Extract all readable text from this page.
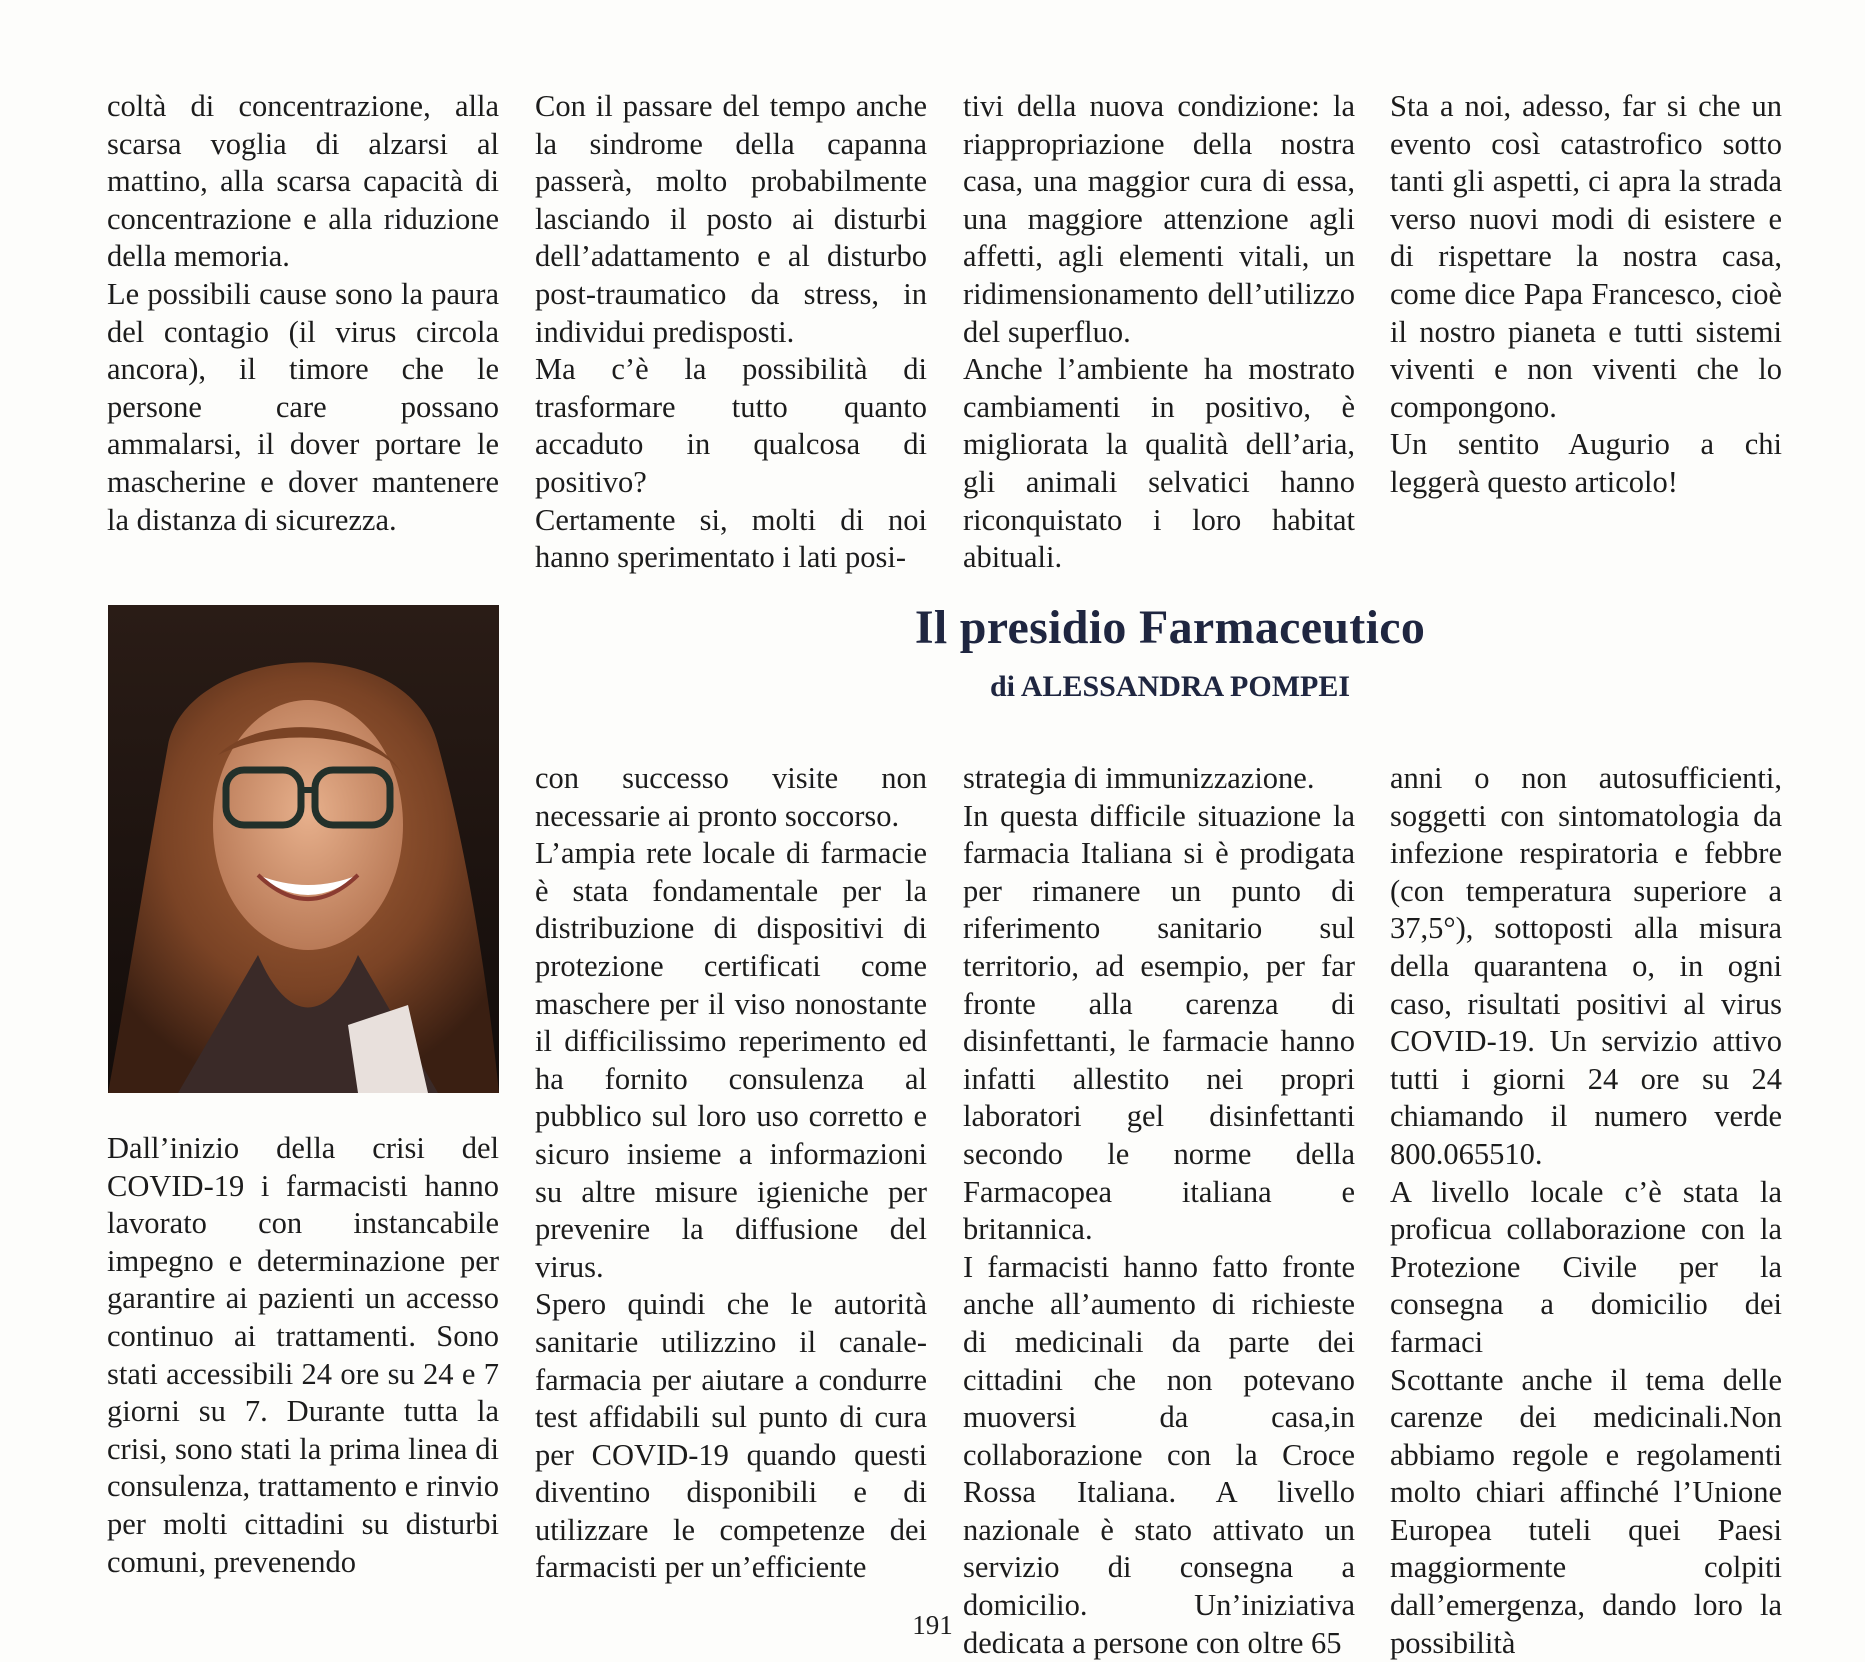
coltà di concentrazione, alla scarsa voglia di alzarsi al mattino, alla scarsa capacità di concentrazione e alla riduzione della memoria.

Le possibili cause sono la paura del contagio (il virus circola ancora), il timore che le persone care possano ammalarsi, il dover portare le mascherine e dover mantenere la distanza di sicurezza.

Con il passare del tempo anche la sindrome della capanna passerà, molto probabilmente lasciando il posto ai disturbi dell’adattamento e al disturbo post-traumatico da stress, in individui predisposti.

Ma c’è la possibilità di trasformare tutto quanto accaduto in qualcosa di positivo?

Certamente si, molti di noi hanno sperimentato i lati posi-

tivi della nuova condizione: la riappropriazione della nostra casa, una maggior cura di essa, una maggiore attenzione agli affetti, agli elementi vitali, un ridimensionamento dell’utilizzo del superfluo.

Anche l’ambiente ha mostrato cambiamenti in positivo, è migliorata la qualità dell’aria, gli animali selvatici hanno riconquistato i loro habitat abituali.

Sta a noi, adesso, far si che un evento così catastrofico sotto tanti gli aspetti, ci apra la strada verso nuovi modi di esistere e di rispettare la nostra casa, come dice Papa Francesco, cioè il nostro pianeta e tutti sistemi viventi e non viventi che lo compongono.

Un sentito Augurio a chi leggerà questo articolo!

Il presidio Farmaceutico
di ALESSANDRA POMPEI

Dall’inizio della crisi del COVID-19 i farmacisti hanno lavorato con instancabile impegno e determinazione per garantire ai pazienti un accesso continuo ai trattamenti. Sono stati accessibili 24 ore su 24 e 7 giorni su 7. Durante tutta la crisi, sono stati la prima linea di consulenza, trattamento e rinvio per molti cittadini su disturbi comuni, prevenendo

con successo visite non necessarie ai pronto soccorso.

L’ampia rete locale di farmacie è stata fondamentale per la distribuzione di dispositivi di protezione certificati come maschere per il viso nonostante il difficilissimo reperimento ed ha fornito consulenza al pubblico sul loro uso corretto e sicuro insieme a informazioni su altre misure igieniche per prevenire la diffusione del virus.

Spero quindi che le autorità sanitarie utilizzino il canale-farmacia per aiutare a condurre test affidabili sul punto di cura per COVID-19 quando questi diventino disponibili e di utilizzare le competenze dei farmacisti per un’efficiente

strategia di immunizzazione.

In questa difficile situazione la farmacia Italiana si è prodigata per rimanere un punto di riferimento sanitario sul territorio, ad esempio, per far fronte alla carenza di disinfettanti, le farmacie hanno infatti allestito nei propri laboratori gel disinfettanti secondo le norme della Farmacopea italiana e britannica.

I farmacisti hanno fatto fronte anche all’aumento di richieste di medicinali da parte dei cittadini che non potevano muoversi da casa,in collaborazione con la Croce Rossa Italiana. A livello nazionale è stato attivato un servizio di consegna a domicilio. Un’iniziativa dedicata a persone con oltre 65

anni o non autosufficienti, soggetti con sintomatologia da infezione respiratoria e febbre (con temperatura superiore a 37,5°), sottoposti alla misura della quarantena o, in ogni caso, risultati positivi al virus COVID-19. Un servizio attivo tutti i giorni 24 ore su 24 chiamando il numero verde 800.065510.

A livello locale c’è stata la proficua collaborazione con la Protezione Civile per la consegna a domicilio dei farmaci

Scottante anche il tema delle carenze dei medicinali.Non abbiamo regole e regolamenti molto chiari affinché l’Unione Europea tuteli quei Paesi maggiormente colpiti dall’emergenza, dando loro la possibilità

191
